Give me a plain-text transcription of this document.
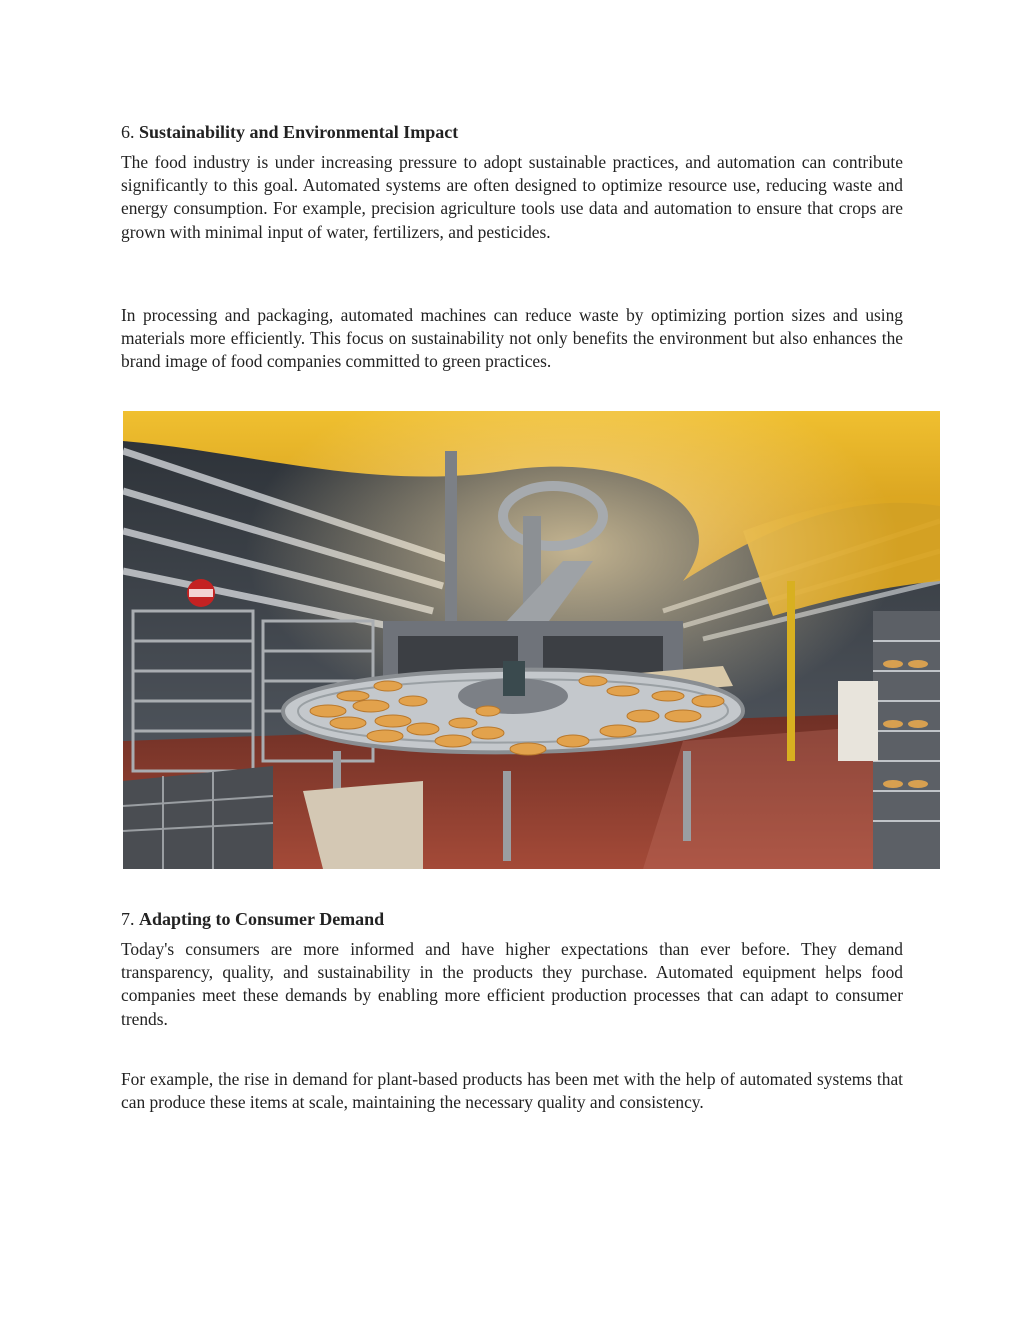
6. Sustainability and Environmental Impact

The food industry is under increasing pressure to adopt sustainable practices, and automation can contribute significantly to this goal. Automated systems are often designed to optimize resource use, reducing waste and energy consumption. For example, precision agriculture tools use data and automation to ensure that crops are grown with minimal input of water, fertilizers, and pesticides.

In processing and packaging, automated machines can reduce waste by optimizing portion sizes and using materials more efficiently. This focus on sustainability not only benefits the environment but also enhances the brand image of food companies committed to green practices.

7. Adapting to Consumer Demand

Today's consumers are more informed and have higher expectations than ever before. They demand transparency, quality, and sustainability in the products they purchase. Automated equipment helps food companies meet these demands by enabling more efficient production processes that can adapt to consumer trends.

For example, the rise in demand for plant-based products has been met with the help of automated systems that can produce these items at scale, maintaining the necessary quality and consistency.
